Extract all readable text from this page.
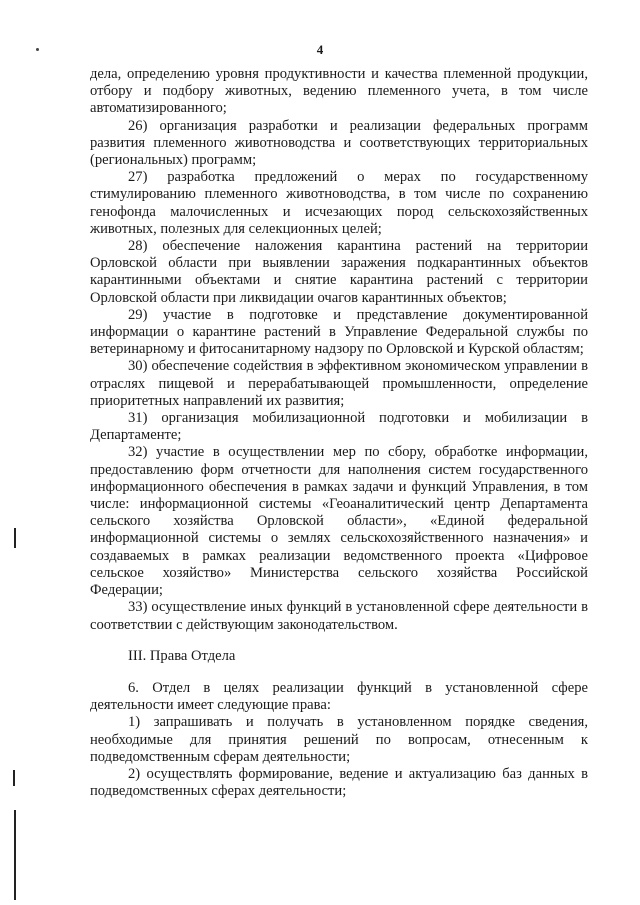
4

дела, определению уровня продуктивности и качества племенной продукции, отбору и подбору животных, ведению племенного учета, в том числе автоматизированного;

26) организация разработки и реализации федеральных программ развития племенного животноводства и соответствующих территориальных (региональных) программ;

27) разработка предложений о мерах по государственному стимулированию племенного животноводства, в том числе по сохранению генофонда малочисленных и исчезающих пород сельскохозяйственных животных, полезных для селекционных целей;

28) обеспечение наложения карантина растений на территории Орловской области при выявлении заражения подкарантинных объектов карантинными объектами и снятие карантина растений с территории Орловской области при ликвидации очагов карантинных объектов;

29) участие в подготовке и представление документированной информации о карантине растений в Управление Федеральной службы по ветеринарному и фитосанитарному надзору по Орловской и Курской областям;

30) обеспечение содействия в эффективном экономическом управлении в отраслях пищевой и перерабатывающей промышленности, определение приоритетных направлений их развития;

31) организация мобилизационной подготовки и мобилизации в Департаменте;

32) участие в осуществлении мер по сбору, обработке информации, предоставлению форм отчетности для наполнения систем государственного информационного обеспечения в рамках задачи и функций Управления, в том числе: информационной системы «Геоаналитический центр Департамента сельского хозяйства Орловской области», «Единой федеральной информационной системы о землях сельскохозяйственного назначения» и создаваемых в рамках реализации ведомственного проекта «Цифровое сельское хозяйство» Министерства сельского хозяйства Российской Федерации;

33) осуществление иных функций в установленной сфере деятельности в соответствии с действующим законодательством.

III. Права Отдела

6. Отдел в целях реализации функций в установленной сфере деятельности имеет следующие права:

1) запрашивать и получать в установленном порядке сведения, необходимые для принятия решений по вопросам, отнесенным к подведомственным сферам деятельности;

2) осуществлять формирование, ведение и актуализацию баз данных в подведомственных сферах деятельности;
